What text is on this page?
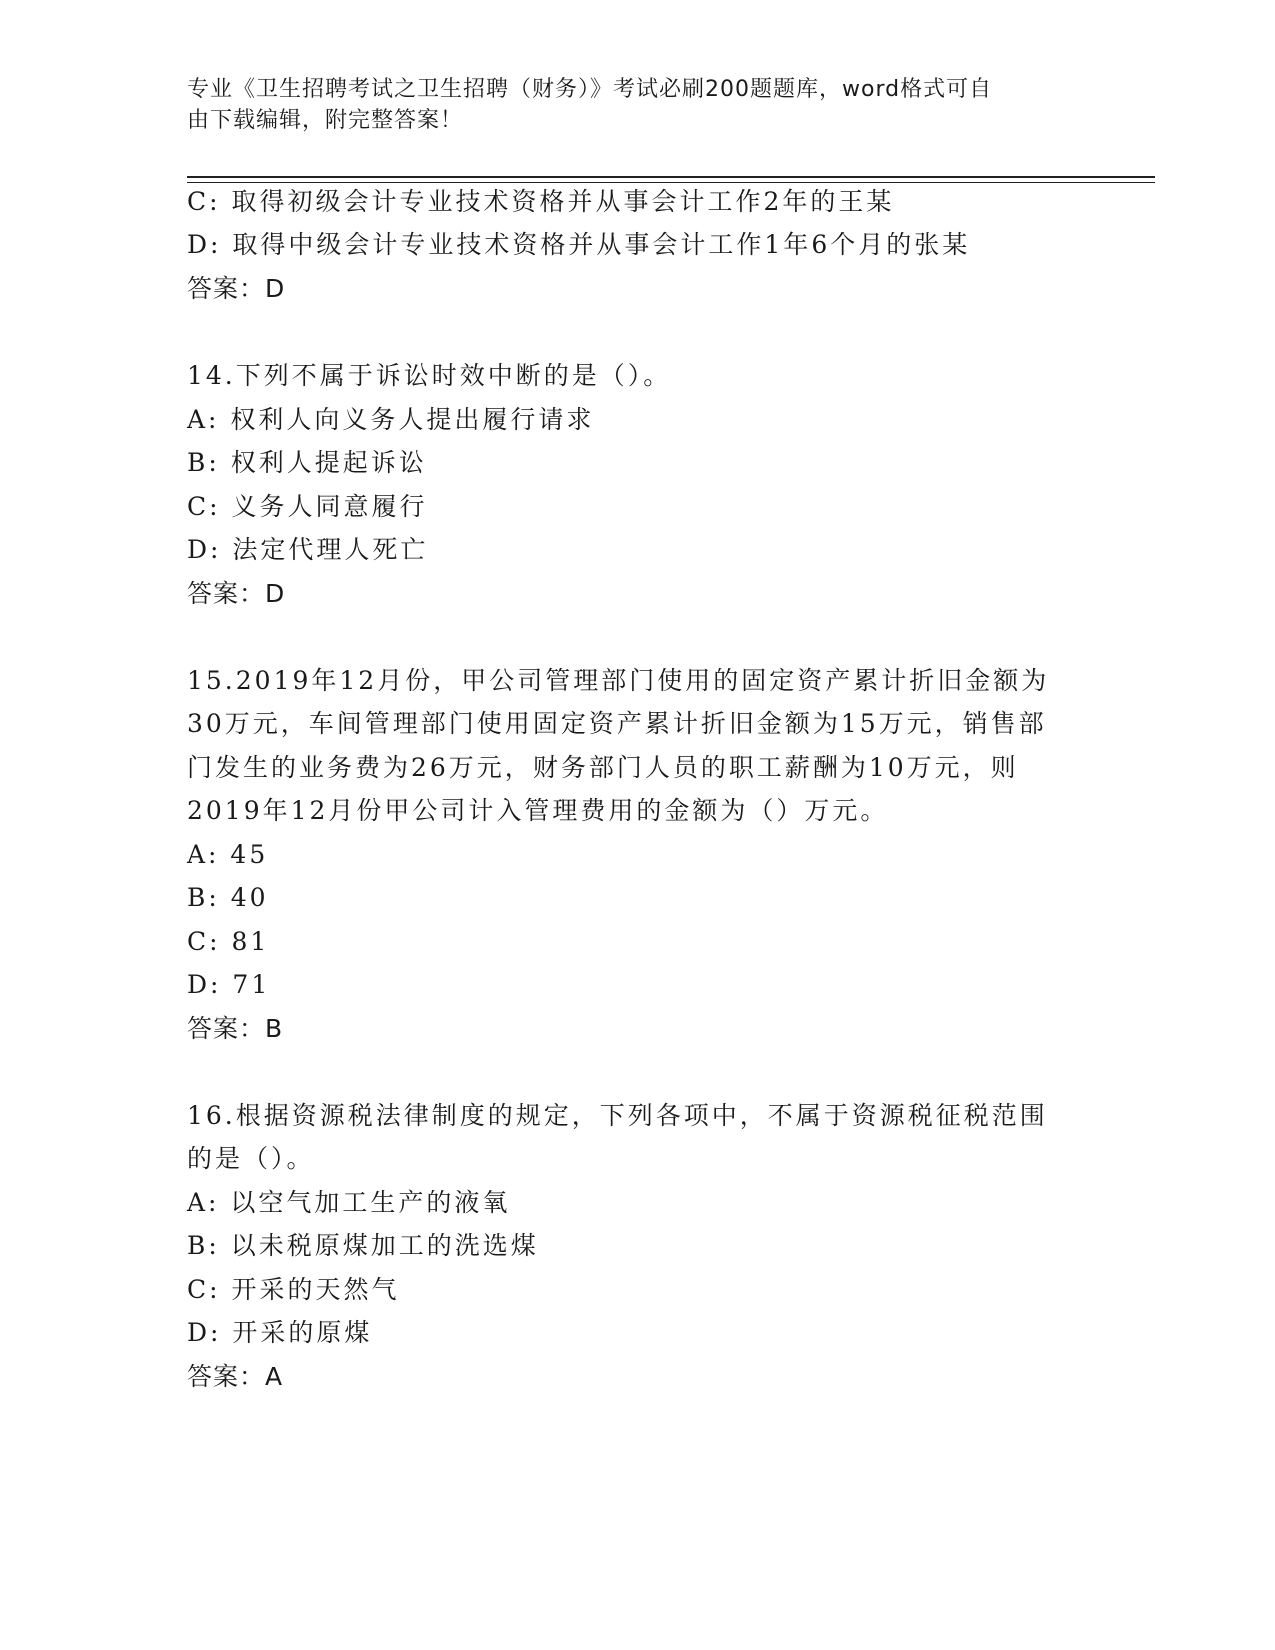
专业《卫生招聘考试之卫生招聘（财务）》考试必刷200题题库，word格式可自
由下载编辑，附完整答案！
C: 取得初级会计专业技术资格并从事会计工作2年的王某
D: 取得中级会计专业技术资格并从事会计工作1年6个月的张某
答案：D
14.下列不属于诉讼时效中断的是（）。
A: 权利人向义务人提出履行请求
B: 权利人提起诉讼
C: 义务人同意履行
D: 法定代理人死亡
答案：D
15.2019年12月份，甲公司管理部门使用的固定资产累计折旧金额为
30万元，车间管理部门使用固定资产累计折旧金额为15万元，销售部
门发生的业务费为26万元，财务部门人员的职工薪酬为10万元，则
2019年12月份甲公司计入管理费用的金额为（）万元。
A: 45
B: 40
C: 81
D: 71
答案：B
16.根据资源税法律制度的规定，下列各项中，不属于资源税征税范围
的是（）。
A: 以空气加工生产的液氧
B: 以未税原煤加工的洗选煤
C: 开采的天然气
D: 开采的原煤
答案：A
